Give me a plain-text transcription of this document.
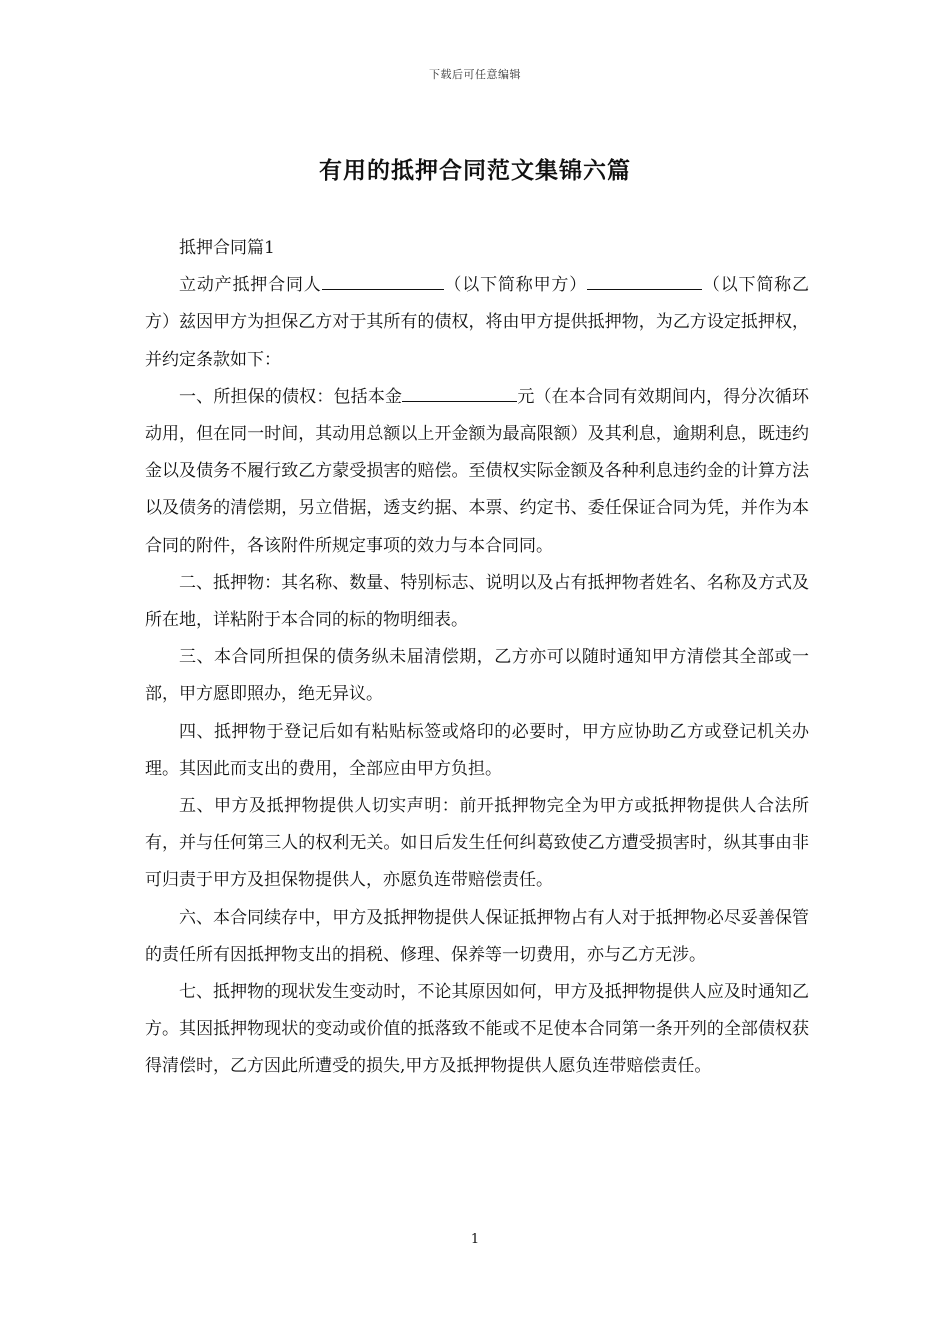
下载后可任意编辑
有用的抵押合同范文集锦六篇

抵押合同篇1

立动产抵押合同人	（以下简称甲方）	（以下简称乙方）兹因甲方为担保乙方对于其所有的债权，将由甲方提供抵押物，为乙方设定抵押权，并约定条款如下：

一、所担保的债权：包括本金	元（在本合同有效期间内，得分次循环动用，但在同一时间，其动用总额以上开金额为最高限额）及其利息，逾期利息，既违约金以及债务不履行致乙方蒙受损害的赔偿。至债权实际金额及各种利息违约金的计算方法以及债务的清偿期，另立借据，透支约据、本票、约定书、委任保证合同为凭，并作为本合同的附件，各该附件所规定事项的效力与本合同同。

二、抵押物：其名称、数量、特别标志、说明以及占有抵押物者姓名、名称及方式及所在地，详粘附于本合同的标的物明细表。

三、本合同所担保的债务纵未届清偿期，乙方亦可以随时通知甲方清偿其全部或一部，甲方愿即照办，绝无异议。

四、抵押物于登记后如有粘贴标签或烙印的必要时，甲方应协助乙方或登记机关办理。其因此而支出的费用，全部应由甲方负担。

五、甲方及抵押物提供人切实声明：前开抵押物完全为甲方或抵押物提供人合法所有，并与任何第三人的权利无关。如日后发生任何纠葛致使乙方遭受损害时，纵其事由非可归责于甲方及担保物提供人，亦愿负连带赔偿责任。

六、本合同续存中，甲方及抵押物提供人保证抵押物占有人对于抵押物必尽妥善保管的责任所有因抵押物支出的捐税、修理、保养等一切费用，亦与乙方无涉。

七、抵押物的现状发生变动时，不论其原因如何，甲方及抵押物提供人应及时通知乙方。其因抵押物现状的变动或价值的抵落致不能或不足使本合同第一条开列的全部债权获得清偿时，乙方因此所遭受的损失,甲方及抵押物提供人愿负连带赔偿责任。

1
